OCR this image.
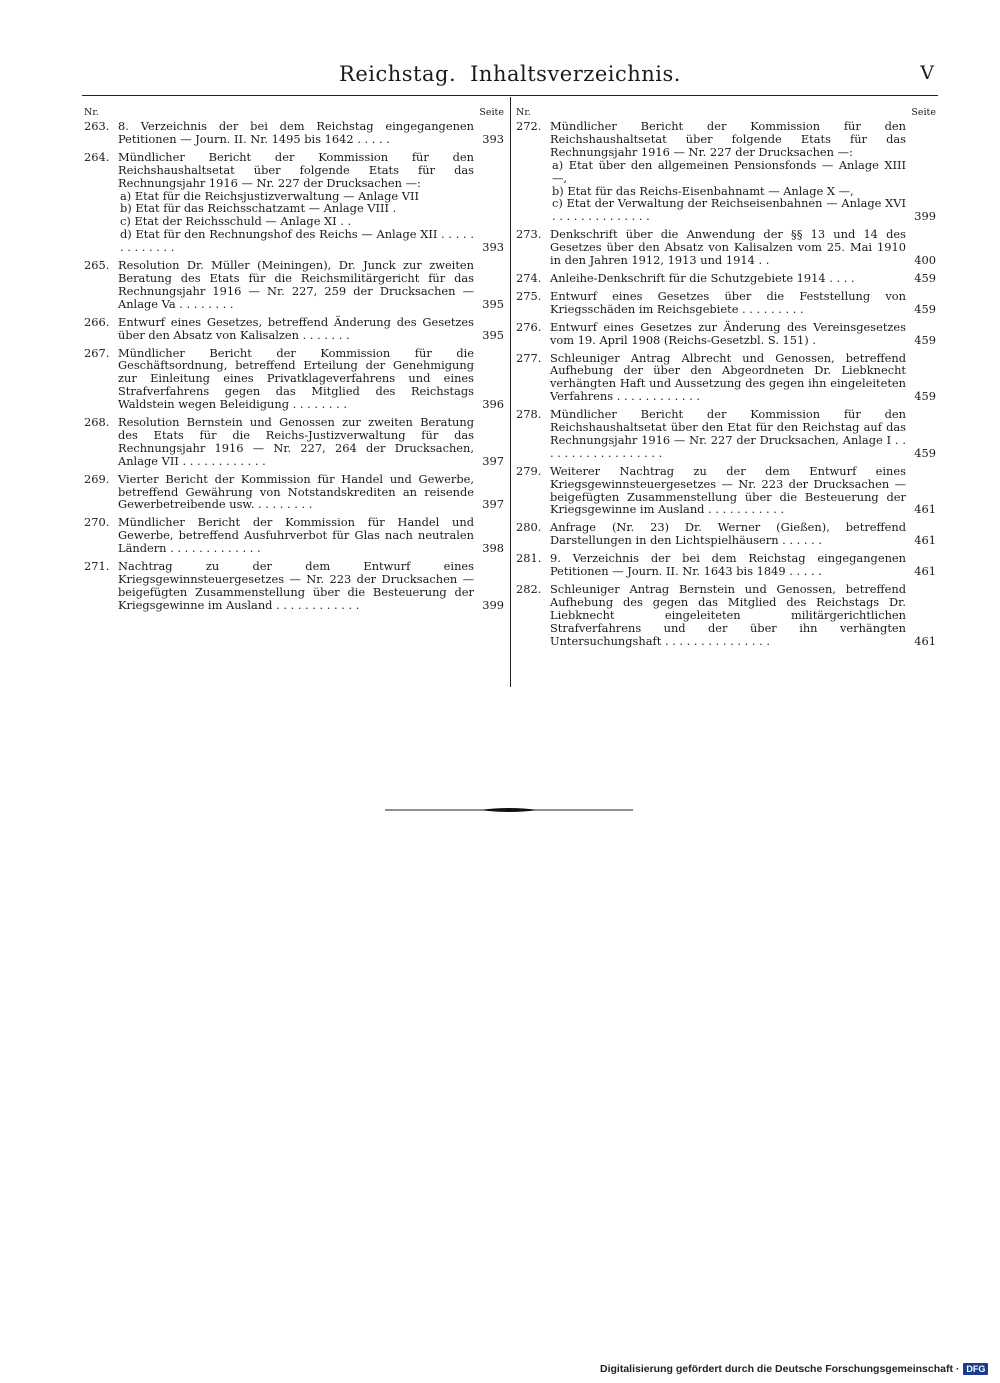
Reichstag. Inhaltsverzeichnis.	V
Nr.	Seite
263. 8. Verzeichnis der bei dem Reichstag eingegangenen Petitionen — Journ. II. Nr. 1495 bis 1642 . . . . .	393
264. Mündlicher Bericht der Kommission für den Reichshaushaltsetat über folgende Etats für das Rechnungsjahr 1916 — Nr. 227 der Drucksachen —:

a) Etat für die Reichsjustizverwaltung — Anlage VII

b) Etat für das Reichsschatzamt — Anlage VIII .

c) Etat der Reichsschuld — Anlage XI . .

d) Etat für den Rechnungshof des Reichs — Anlage XII . . . . . . . . . . . . .	393
265. Resolution Dr. Müller (Meiningen), Dr. Junck zur zweiten Beratung des Etats für die Reichsmilitärgericht für das Rechnungsjahr 1916 — Nr. 227, 259 der Drucksachen — Anlage Va . . . . . . . .	395
266. Entwurf eines Gesetzes, betreffend Änderung des Gesetzes über den Absatz von Kalisalzen . . . . . . .	395
267. Mündlicher Bericht der Kommission für die Geschäftsordnung, betreffend Erteilung der Genehmigung zur Einleitung eines Privatklageverfahrens und eines Strafverfahrens gegen das Mitglied des Reichstags Waldstein wegen Beleidigung . . . . . . . .	396
268. Resolution Bernstein und Genossen zur zweiten Beratung des Etats für die Reichs-Justizverwaltung für das Rechnungsjahr 1916 — Nr. 227, 264 der Drucksachen, Anlage VII . . . . . . . . . . . .	397
269. Vierter Bericht der Kommission für Handel und Gewerbe, betreffend Gewährung von Notstandskrediten an reisende Gewerbetreibende usw. . . . . . . . .	397
270. Mündlicher Bericht der Kommission für Handel und Gewerbe, betreffend Ausfuhrverbot für Glas nach neutralen Ländern . . . . . . . . . . . . .	398
271. Nachtrag zu der dem Entwurf eines Kriegsgewinnsteuergesetzes — Nr. 223 der Drucksachen — beigefügten Zusammenstellung über die Besteuerung der Kriegsgewinne im Ausland . . . . . . . . . . . .	399
Nr.	Seite
272. Mündlicher Bericht der Kommission für den Reichshaushaltsetat über folgende Etats für das Rechnungsjahr 1916 — Nr. 227 der Drucksachen —:

a) Etat über den allgemeinen Pensionsfonds — Anlage XIII —,

b) Etat für das Reichs-Eisenbahnamt — Anlage X —,

c) Etat der Verwaltung der Reichseisenbahnen — Anlage XVI . . . . . . . . . . . . . .	399
273. Denkschrift über die Anwendung der §§ 13 und 14 des Gesetzes über den Absatz von Kalisalzen vom 25. Mai 1910 in den Jahren 1912, 1913 und 1914 . .	400
274. Anleihe-Denkschrift für die Schutzgebiete 1914 . . . .	459
275. Entwurf eines Gesetzes über die Feststellung von Kriegsschäden im Reichsgebiete . . . . . . . . .	459
276. Entwurf eines Gesetzes zur Änderung des Vereinsgesetzes vom 19. April 1908 (Reichs-Gesetzbl. S. 151) .	459
277. Schleuniger Antrag Albrecht und Genossen, betreffend Aufhebung der über den Abgeordneten Dr. Liebknecht verhängten Haft und Aussetzung des gegen ihn eingeleiteten Verfahrens . . . . . . . . . . . .	459
278. Mündlicher Bericht der Kommission für den Reichshaushaltsetat über den Etat für den Reichstag auf das Rechnungsjahr 1916 — Nr. 227 der Drucksachen, Anlage I . . . . . . . . . . . . . . . . . .	459
279. Weiterer Nachtrag zu der dem Entwurf eines Kriegsgewinnsteuergesetzes — Nr. 223 der Drucksachen — beigefügten Zusammenstellung über die Besteuerung der Kriegsgewinne im Ausland . . . . . . . . . . .	461
280. Anfrage (Nr. 23) Dr. Werner (Gießen), betreffend Darstellungen in den Lichtspielhäusern . . . . . .	461
281. 9. Verzeichnis der bei dem Reichstag eingegangenen Petitionen — Journ. II. Nr. 1643 bis 1849 . . . . .	461
282. Schleuniger Antrag Bernstein und Genossen, betreffend Aufhebung des gegen das Mitglied des Reichstags Dr. Liebknecht eingeleiteten militärgerichtlichen Strafverfahrens und der über ihn verhängten Untersuchungshaft . . . . . . . . . . . . . . .	461
Digitalisierung gefördert durch die Deutsche Forschungsgemeinschaft · DFG
